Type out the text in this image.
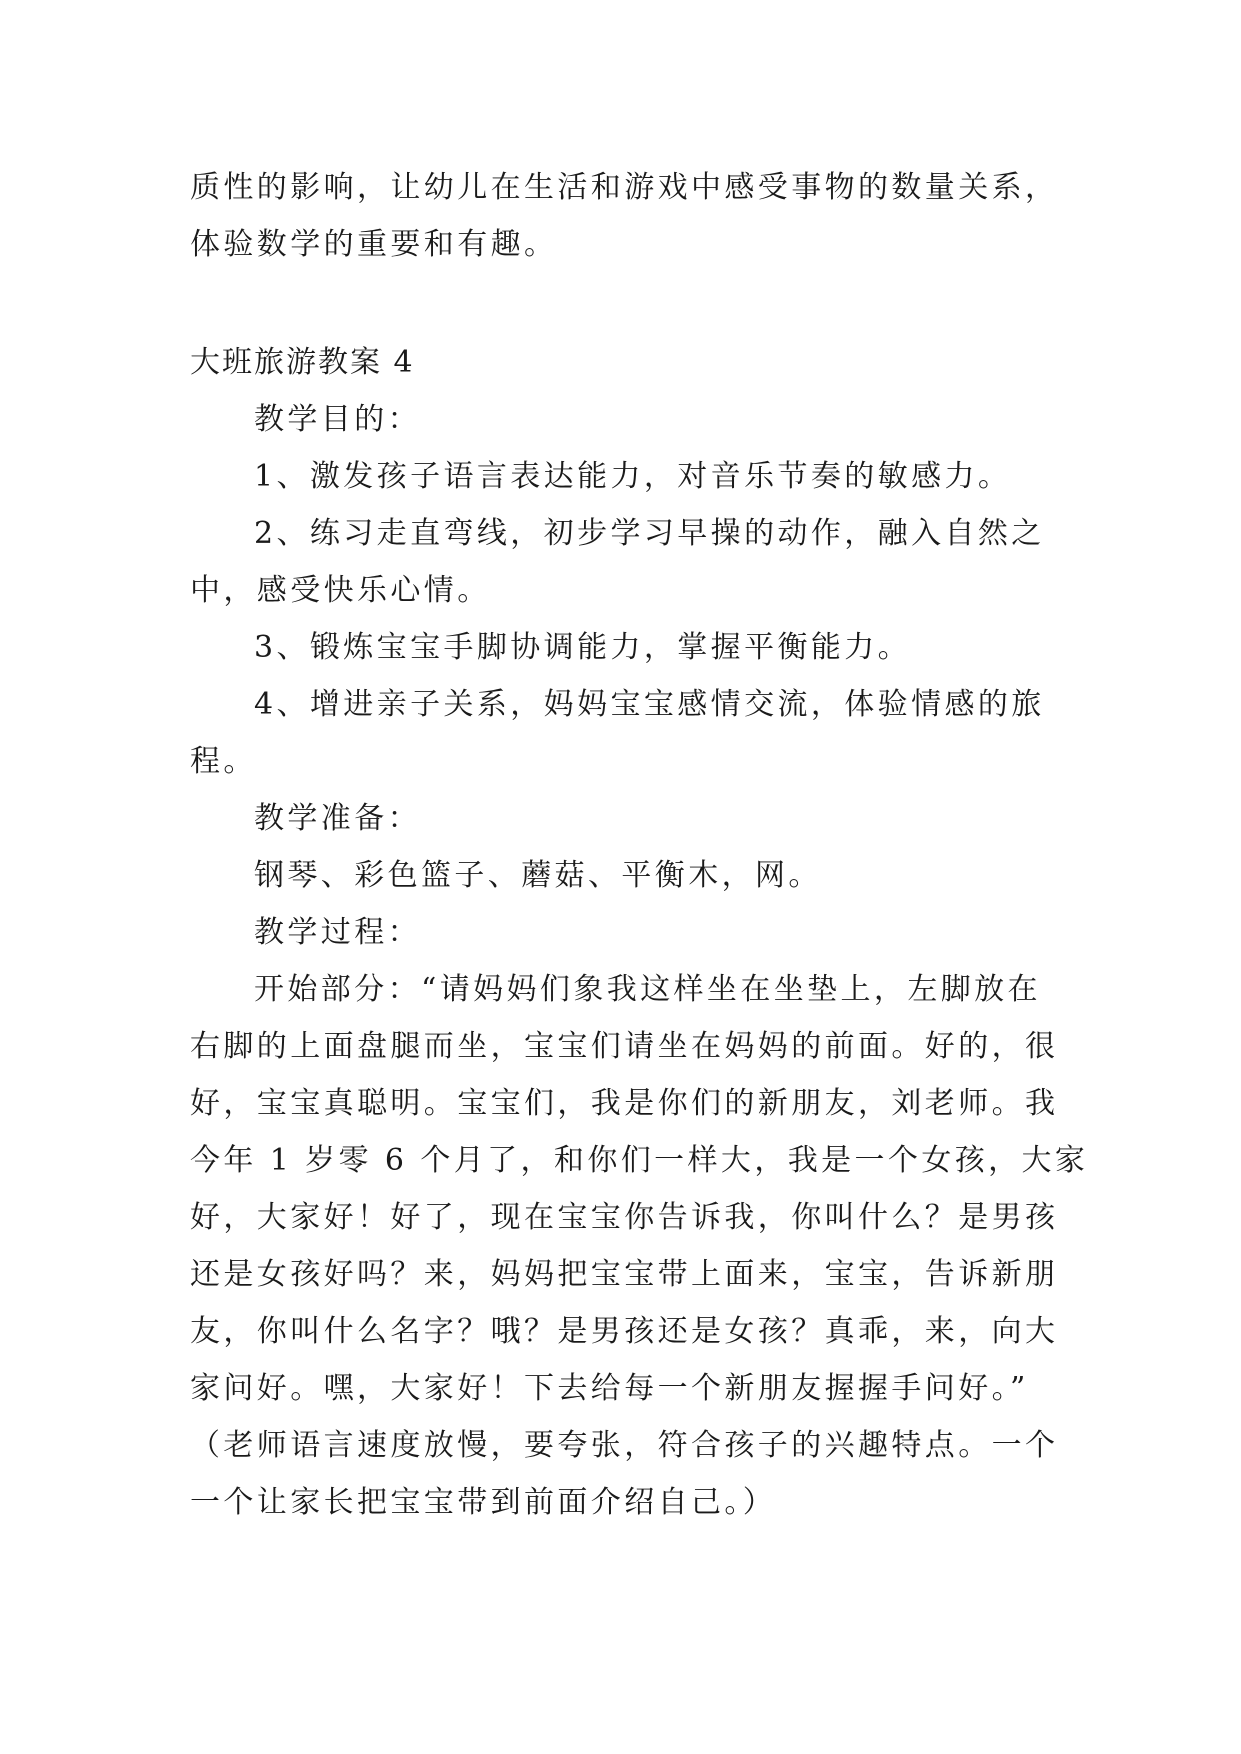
质性的影响，让幼儿在生活和游戏中感受事物的数量关系，
体验数学的重要和有趣。
大班旅游教案 4
教学目的：
1、激发孩子语言表达能力，对音乐节奏的敏感力。
2、练习走直弯线，初步学习早操的动作，融入自然之
中，感受快乐心情。
3、锻炼宝宝手脚协调能力，掌握平衡能力。
4、增进亲子关系，妈妈宝宝感情交流，体验情感的旅
程。
教学准备：
钢琴、彩色篮子、蘑菇、平衡木，网。
教学过程：
开始部分：“请妈妈们象我这样坐在坐垫上，左脚放在
右脚的上面盘腿而坐，宝宝们请坐在妈妈的前面。好的，很
好，宝宝真聪明。宝宝们，我是你们的新朋友，刘老师。我
今年 1 岁零 6 个月了，和你们一样大，我是一个女孩，大家
好，大家好！好了，现在宝宝你告诉我，你叫什么？是男孩
还是女孩好吗？来，妈妈把宝宝带上面来，宝宝，告诉新朋
友，你叫什么名字？哦？是男孩还是女孩？真乖，来，向大
家问好。嘿，大家好！下去给每一个新朋友握握手问好。”
（老师语言速度放慢，要夸张，符合孩子的兴趣特点。一个
一个让家长把宝宝带到前面介绍自己。）
